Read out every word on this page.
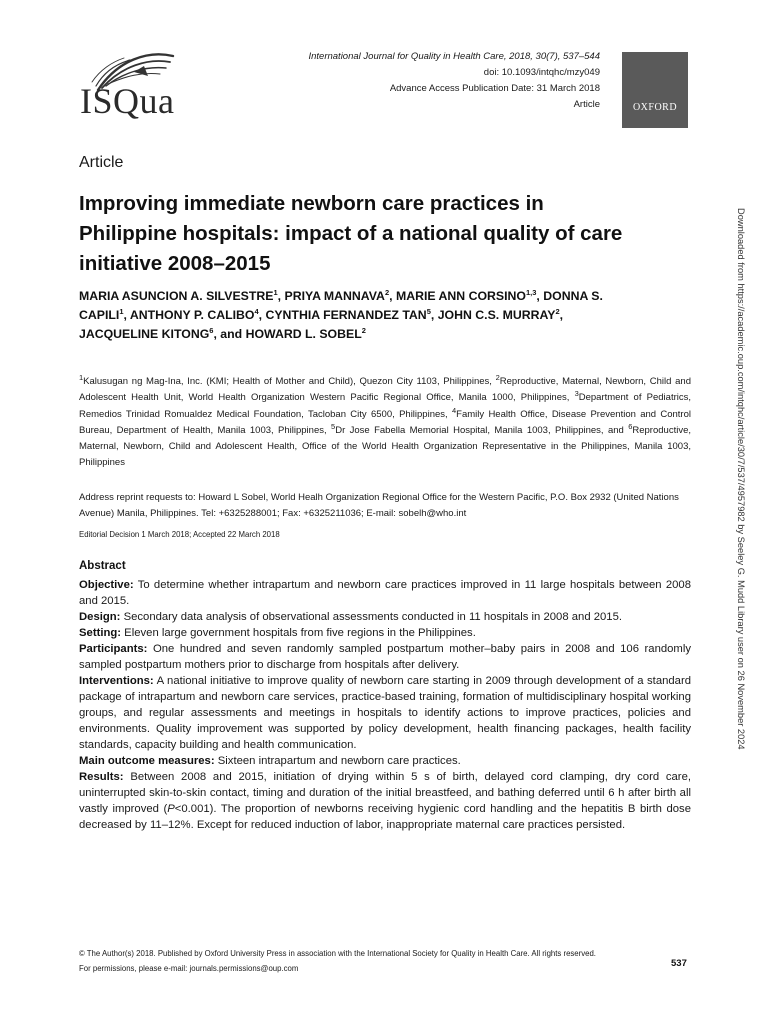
ISQua
International Journal for Quality in Health Care, 2018, 30(7), 537–544
doi: 10.1093/intqhc/mzy049
Advance Access Publication Date: 31 March 2018
Article	OXFORD
Article
Improving immediate newborn care practices in Philippine hospitals: impact of a national quality of care initiative 2008–2015
MARIA ASUNCION A. SILVESTRE$^1$, PRIYA MANNAVA$^2$, MARIE ANN CORSINO$^{1,3}$, DONNA S. CAPILI$^1$, ANTHONY P. CALIBO$^4$, CYNTHIA FERNANDEZ TAN$^5$, JOHN C.S. MURRAY$^2$, JACQUELINE KITONG$^6$, and HOWARD L. SOBEL$^2$
$^1$Kalusugan ng Mag-Ina, Inc. (KMI; Health of Mother and Child), Quezon City 1103, Philippines, $^2$Reproductive, Maternal, Newborn, Child and Adolescent Health Unit, World Health Organization Western Pacific Regional Office, Manila 1000, Philippines, $^3$Department of Pediatrics, Remedios Trinidad Romualdez Medical Foundation, Tacloban City 6500, Philippines, $^4$Family Health Office, Disease Prevention and Control Bureau, Department of Health, Manila 1003, Philippines, $^5$Dr Jose Fabella Memorial Hospital, Manila 1003, Philippines, and $^6$Reproductive, Maternal, Newborn, Child and Adolescent Health, Office of the World Health Organization Representative in the Philippines, Manila 1003, Philippines
Address reprint requests to: Howard L Sobel, World Healh Organization Regional Office for the Western Pacific, P.O. Box 2932 (United Nations Avenue) Manila, Philippines. Tel: +6325288001; Fax: +6325211036; E-mail: sobelh@who.int
Editorial Decision 1 March 2018; Accepted 22 March 2018
Abstract

Objective: To determine whether intrapartum and newborn care practices improved in 11 large hospitals between 2008 and 2015.

Design: Secondary data analysis of observational assessments conducted in 11 hospitals in 2008 and 2015.

Setting: Eleven large government hospitals from five regions in the Philippines.

Participants: One hundred and seven randomly sampled postpartum mother–baby pairs in 2008 and 106 randomly sampled postpartum mothers prior to discharge from hospitals after delivery.

Interventions: A national initiative to improve quality of newborn care starting in 2009 through development of a standard package of intrapartum and newborn care services, practice-based training, formation of multidisciplinary hospital working groups, and regular assessments and meetings in hospitals to identify actions to improve practices, policies and environments. Quality improvement was supported by policy development, health financing packages, health facility standards, capacity building and health communication.

Main outcome measures: Sixteen intrapartum and newborn care practices.

Results: Between 2008 and 2015, initiation of drying within 5 s of birth, delayed cord clamping, dry cord care, uninterrupted skin-to-skin contact, timing and duration of the initial breastfeed, and bathing deferred until 6 h after birth all vastly improved (P<0.001). The proportion of newborns receiving hygienic cord handling and the hepatitis B birth dose decreased by 11–12%. Except for reduced induction of labor, inappropriate maternal care practices persisted.

© The Author(s) 2018. Published by Oxford University Press in association with the International Society for Quality in Health Care. All rights reserved.
For permissions, please e-mail: journals.permissions@oup.com	537
Downloaded from https://academic.oup.com/intqhc/article/30/7/537/4957982 by Seeley G. Mudd Library user on 26 November 2024
